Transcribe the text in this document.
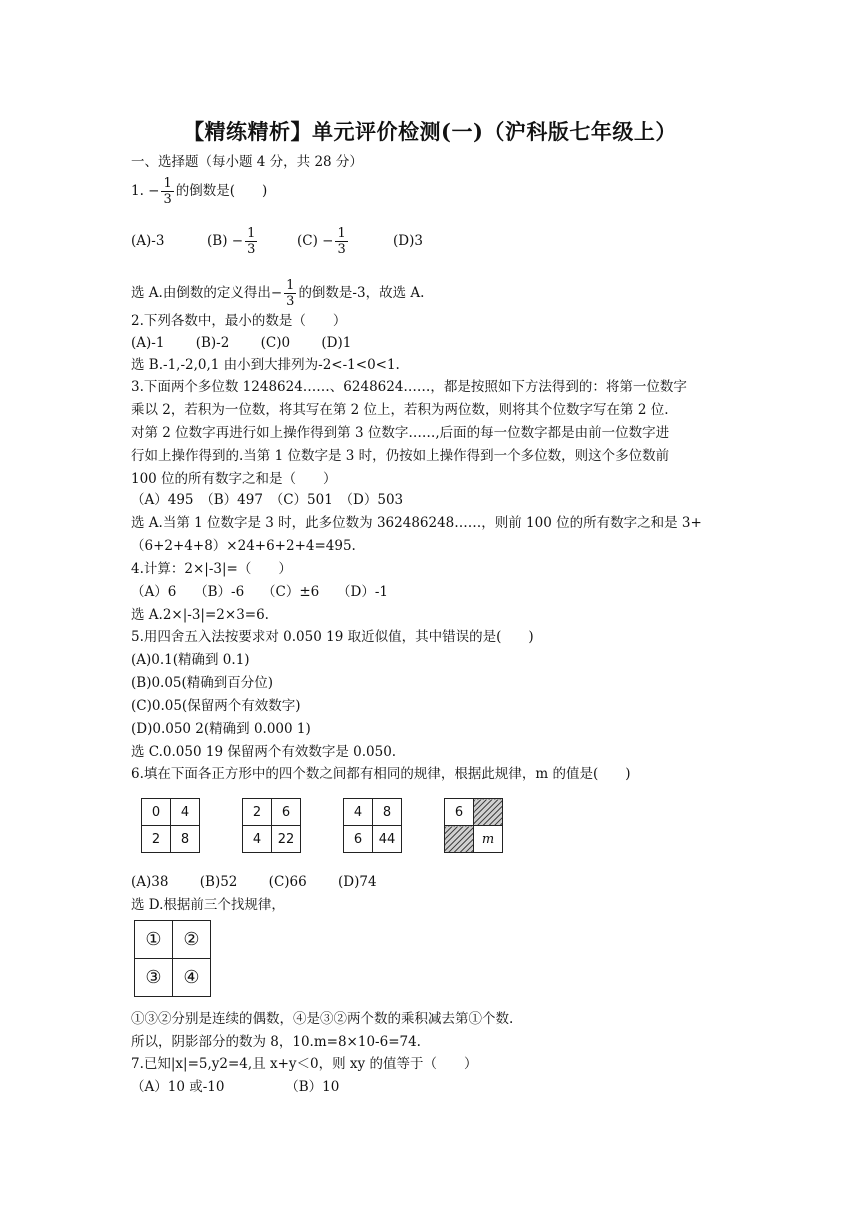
【精练精析】单元评价检测(一)（沪科版七年级上）
一、选择题（每小题 4 分，共 28 分）
1. − $\frac{1}{3}$ 的倒数是(　　)
(A)-3	$(B) - \frac{1}{3}$	$(C) - \frac{1}{3}$	(D)3
选 A.由倒数的定义得出− $\frac{1}{3}$ 的倒数是-3，故选 A.
2.下列各数中，最小的数是（　　）
(A)-1　　 (B)-2　　 (C)0　　 (D)1
选 B.-1,-2,0,1 由小到大排列为-2<-1<0<1.
3.下面两个多位数 1248624……、6248624……，都是按照如下方法得到的：将第一位数字
乘以 2，若积为一位数，将其写在第 2 位上，若积为两位数，则将其个位数字写在第 2 位.
对第 2 位数字再进行如上操作得到第 3 位数字……,后面的每一位数字都是由前一位数字进
行如上操作得到的.当第 1 位数字是 3 时，仍按如上操作得到一个多位数，则这个多位数前
100 位的所有数字之和是（　　）
（A）495　（B）497　（C）501　（D）503
选 A.当第 1 位数字是 3 时，此多位数为 362486248……，则前 100 位的所有数字之和是 3+
（6+2+4+8）×24+6+2+4=495.
4.计算：2×|-3|=（　　）
（A）6　 （B）-6　 （C）±6　 （D）-1
选 A.2×|-3|=2×3=6.
5.用四舍五入法按要求对 0.050 19 取近似值，其中错误的是(　　)
(A)0.1(精确到 0.1)
(B)0.05(精确到百分位)
(C)0.05(保留两个有效数字)
(D)0.050 2(精确到 0.000 1)
选 C.0.050 19 保留两个有效数字是 0.050.
6.填在下面各正方形中的四个数之间都有相同的规律，根据此规律，m 的值是(　　)
0	4
2	8
2	6
4	22
4	8
6	44
6	
	m
(A)38　　 (B)52　　 (C)66　　 (D)74
选 D.根据前三个找规律，
①	②
③	④
①③②分别是连续的偶数，④是③②两个数的乘积减去第①个数.
所以，阴影部分的数为 8，10.m=8×10-6=74.
7.已知|x|=5,y2=4,且 x+y＜0，则 xy 的值等于（　　）
（A）10 或-10　　　　　（B）10
